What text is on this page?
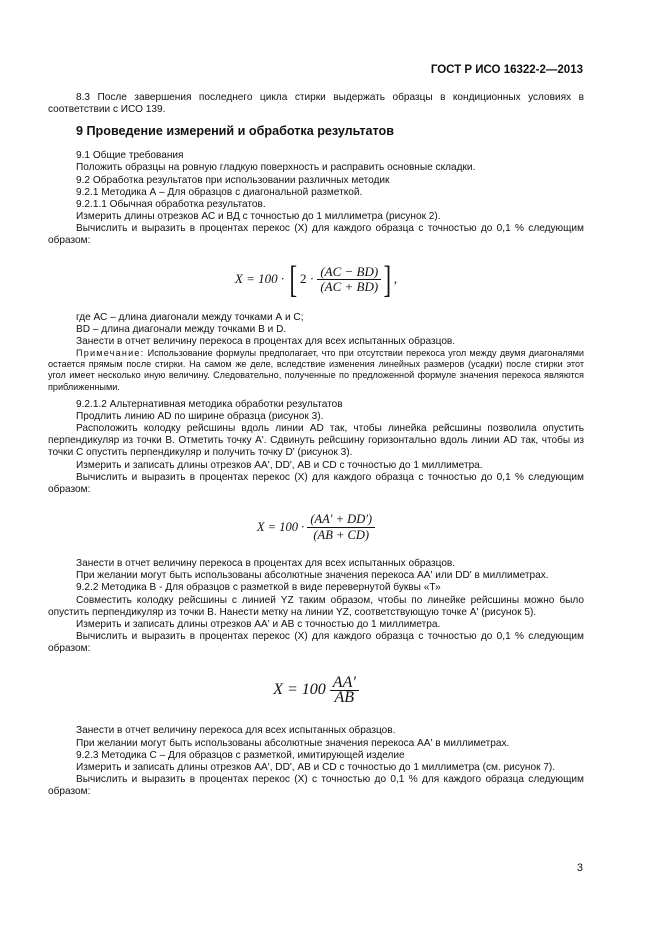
ГОСТ Р ИСО 16322-2—2013

8.3 После завершения последнего цикла стирки выдержать образцы в кондиционных условиях в соответствии с ИСО 139.

9 Проведение измерений и обработка результатов

9.1 Общие требования

Положить образцы на ровную гладкую поверхность и расправить основные складки.

9.2 Обработка результатов при использовании различных методик

9.2.1 Методика А – Для образцов с диагональной разметкой.

9.2.1.1 Обычная обработка результатов.

Измерить длины отрезков АС и ВД с точностью до 1 миллиметра (рисунок 2).

Вычислить и выразить в процентах перекос (X) для каждого образца с точностью до 0,1 % следующим образом:

X = 100 ·
[ 2 ·
$\frac{(AC - BD)}{(AC + BD)}$ ] ,

где АС – длина диагонали между точками А и С;

BD – длина диагонали между точками В и D.

Занести в отчет величину перекоса в процентах для всех испытанных образцов.

Примечание: Использование формулы предполагает, что при отсутствии перекоса угол между двумя диагоналями остается прямым после стирки. На самом же деле, вследствие изменения линейных размеров (усадки) после стирки этот угол имеет несколько иную величину. Следовательно, полученные по предложенной формуле значения перекоса являются приближенными.

9.2.1.2 Альтернативная методика обработки результатов

Продлить линию AD по ширине образца (рисунок 3).

Расположить колодку рейсшины вдоль линии AD так, чтобы линейка рейсшины позволила опустить перпендикуляр из точки В. Отметить точку А'. Сдвинуть рейсшину горизонтально вдоль линии AD так, чтобы из точки С опустить перпендикуляр и получить точку D' (рисунок 3).

Измерить и записать длины отрезков АА', DD', АВ и CD с точностью до 1 миллиметра.

Вычислить и выразить в процентах перекос (X) для каждого образца с точностью до 0,1 % следующим образом:

X = 100 ·
$\frac{(AA' + DD')}{(AB + CD)}$

Занести в отчет величину перекоса в процентах для всех испытанных образцов.

При желании могут быть использованы абсолютные значения перекоса АА' или DD' в миллиметрах.

9.2.2 Методика В - Для образцов с разметкой в виде перевернутой буквы «Т»

Совместить колодку рейсшины с линией YZ таким образом, чтобы по линейке рейсшины можно было опустить перпендикуляр из точки В. Нанести метку на линии YZ, соответствующую точке А' (рисунок 5).

Измерить и записать длины отрезков АА' и АВ с точностью до 1 миллиметра.

Вычислить и выразить в процентах перекос (X) для каждого образца с точностью до 0,1 % следующим образом:

X = 100
$\frac{AA'}{AB}$

Занести в отчет величину перекоса для всех испытанных образцов.

При желании могут быть использованы абсолютные значения перекоса АА' в миллиметрах.

9.2.3 Методика С – Для образцов с разметкой, имитирующей изделие

Измерить и записать длины отрезков АА', DD', АВ и CD с точностью до 1 миллиметра (см. рисунок 7).

Вычислить и выразить в процентах перекос (X) с точностью до 0,1 % для каждого образца следующим образом:

3
